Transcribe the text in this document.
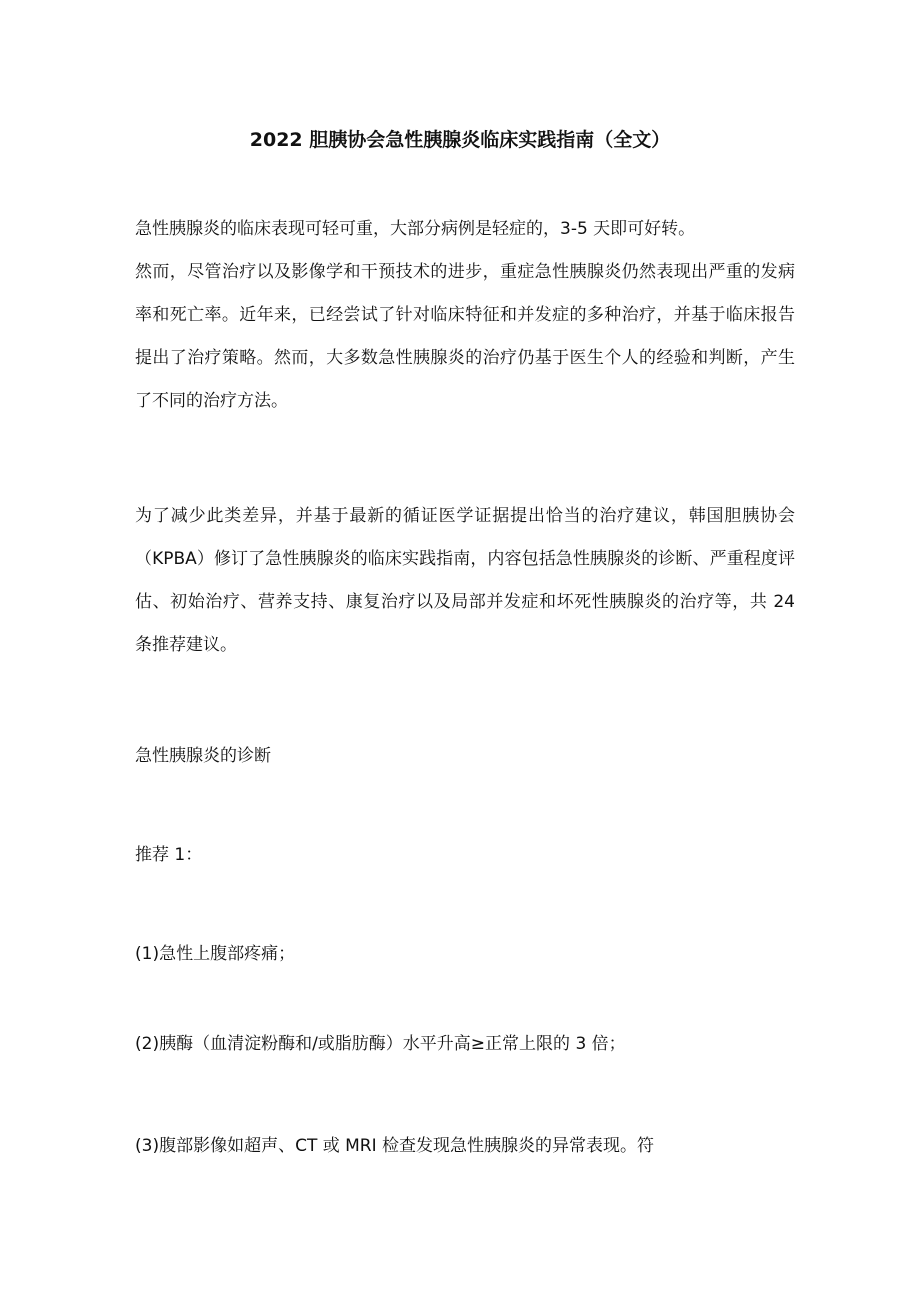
2022 胆胰协会急性胰腺炎临床实践指南（全文）
急性胰腺炎的临床表现可轻可重，大部分病例是轻症的，3-5 天即可好转。
然而，尽管治疗以及影像学和干预技术的进步，重症急性胰腺炎仍然表现出严重的发病率和死亡率。近年来，已经尝试了针对临床特征和并发症的多种治疗，并基于临床报告提出了治疗策略。然而，大多数急性胰腺炎的治疗仍基于医生个人的经验和判断，产生了不同的治疗方法。
为了减少此类差异，并基于最新的循证医学证据提出恰当的治疗建议，韩国胆胰协会（KPBA）修订了急性胰腺炎的临床实践指南，内容包括急性胰腺炎的诊断、严重程度评估、初始治疗、营养支持、康复治疗以及局部并发症和坏死性胰腺炎的治疗等，共 24 条推荐建议。
急性胰腺炎的诊断
推荐 1：
(1)急性上腹部疼痛；
(2)胰酶（血清淀粉酶和/或脂肪酶）水平升高≥正常上限的 3 倍；
(3)腹部影像如超声、CT 或 MRI 检查发现急性胰腺炎的异常表现。符
